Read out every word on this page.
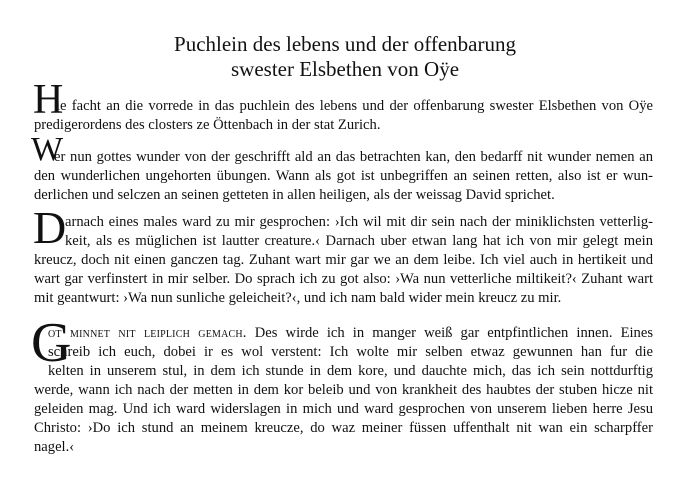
Puchlein des lebens und der offenbarung
swester Elsbethen von Oÿe
H
ie facht an die vorrede in das puchlein des lebens und der offenbarung swester Elsbethen von Oÿe
predigerordens des closters ze Öttenbach in der stat Zurich.
W
er nun gottes wunder von der geschrifft ald an das betrachten kan, den bedarff nit wunder nemen an
den wunderlichen ungehorten übungen. Wann als got ist unbegriffen an seinen retten, also ist er wun-
derlichen und selczen an seinen getteten in allen heiligen, als der weissag David sprichet.
D
arnach eines males ward zu mir gesprochen: ›Ich wil mit dir sein nach der miniklichsten vetterlig-
keit, als es müglichen ist lautter creature.‹ Darnach uber etwan lang hat ich von mir gelegt mein
kreucz, doch nit einen ganczen tag. Zuhant wart mir gar we an dem leibe. Ich viel auch in hertikeit und
wart gar verfinstert in mir selber. Do sprach ich zu got also: ›Wa nun vetterliche miltikeit?‹ Zuhant wart
mit geantwurt: ›Wa nun sunliche geleicheit?‹, und ich nam bald wider mein kreucz zu mir.
G
ot minnet nit leiplich gemach. Des wirde ich in manger weiß gar entpfintlichen innen. Eines
schreib ich euch, dobei ir es wol verstent: Ich wolte mir selben etwaz gewunnen han fur die
kelten in unserem stul, in dem ich stunde in dem kore, und dauchte mich, das ich sein nottdurftig
werde, wann ich nach der metten in dem kor beleib und von krankheit des haubtes der stuben hicze nit
geleiden mag. Und ich ward widerslagen in mich und ward gesprochen von unserem lieben herre Jesu
Christo: ›Do ich stund an meinem kreucze, do waz meiner füssen uffenthalt nit wan ein scharpffer
nagel.‹
